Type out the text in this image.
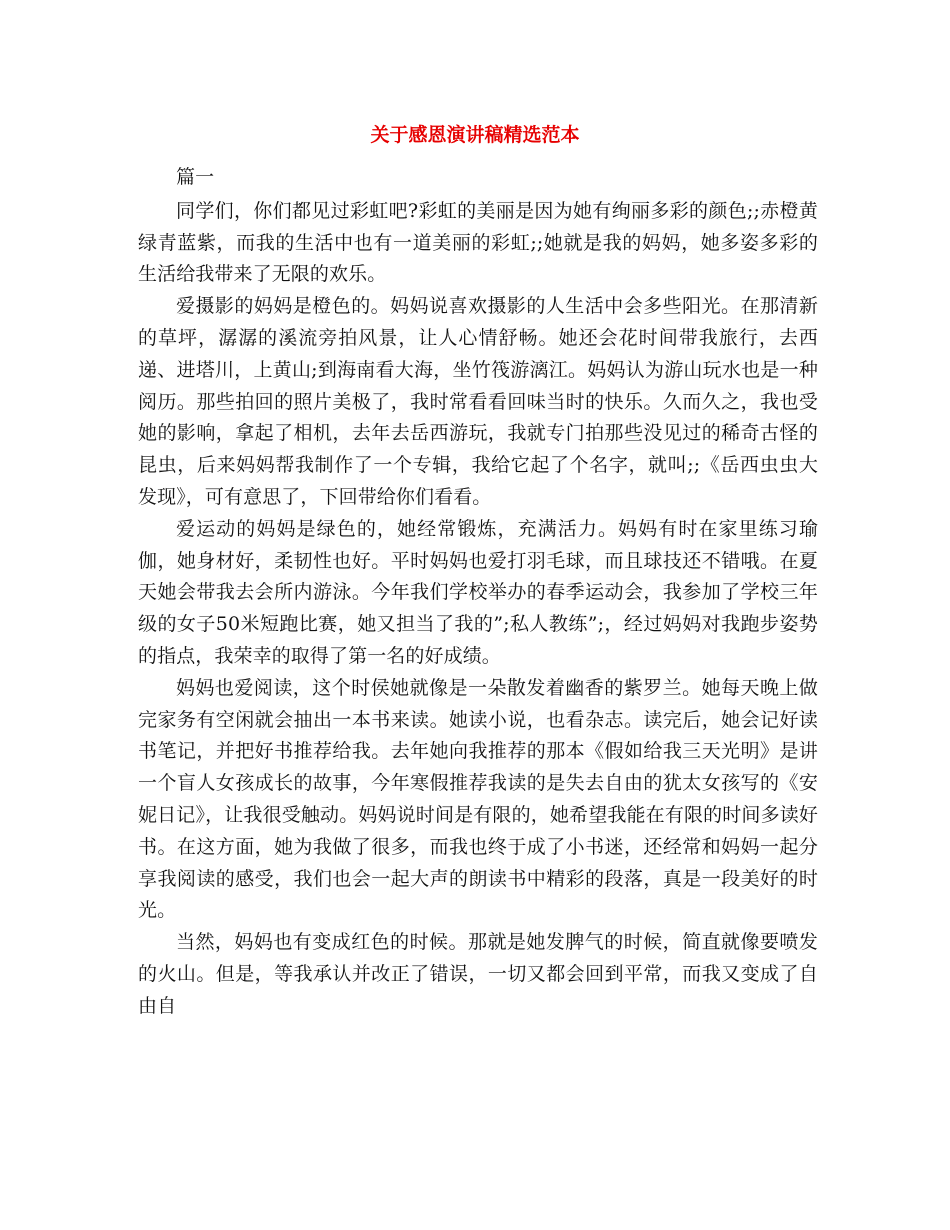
关于感恩演讲稿精选范本

篇一

同学们，你们都见过彩虹吧?彩虹的美丽是因为她有绚丽多彩的颜色;;赤橙黄绿青蓝紫，而我的生活中也有一道美丽的彩虹;;她就是我的妈妈，她多姿多彩的生活给我带来了无限的欢乐。

爱摄影的妈妈是橙色的。妈妈说喜欢摄影的人生活中会多些阳光。在那清新的草坪，潺潺的溪流旁拍风景，让人心情舒畅。她还会花时间带我旅行，去西递、进塔川，上黄山;到海南看大海，坐竹筏游漓江。妈妈认为游山玩水也是一种阅历。那些拍回的照片美极了，我时常看看回味当时的快乐。久而久之，我也受她的影响，拿起了相机，去年去岳西游玩，我就专门拍那些没见过的稀奇古怪的昆虫，后来妈妈帮我制作了一个专辑，我给它起了个名字，就叫;;《岳西虫虫大发现》，可有意思了，下回带给你们看看。

爱运动的妈妈是绿色的，她经常锻炼，充满活力。妈妈有时在家里练习瑜伽，她身材好，柔韧性也好。平时妈妈也爱打羽毛球，而且球技还不错哦。在夏天她会带我去会所内游泳。今年我们学校举办的春季运动会，我参加了学校三年级的女子50米短跑比赛，她又担当了我的”;私人教练”;，经过妈妈对我跑步姿势的指点，我荣幸的取得了第一名的好成绩。

妈妈也爱阅读，这个时侯她就像是一朵散发着幽香的紫罗兰。她每天晚上做完家务有空闲就会抽出一本书来读。她读小说，也看杂志。读完后，她会记好读书笔记，并把好书推荐给我。去年她向我推荐的那本《假如给我三天光明》是讲一个盲人女孩成长的故事，今年寒假推荐我读的是失去自由的犹太女孩写的《安妮日记》，让我很受触动。妈妈说时间是有限的，她希望我能在有限的时间多读好书。在这方面，她为我做了很多，而我也终于成了小书迷，还经常和妈妈一起分享我阅读的感受，我们也会一起大声的朗读书中精彩的段落，真是一段美好的时光。

当然，妈妈也有变成红色的时候。那就是她发脾气的时候，简直就像要喷发的火山。但是，等我承认并改正了错误，一切又都会回到平常，而我又变成了自由自
